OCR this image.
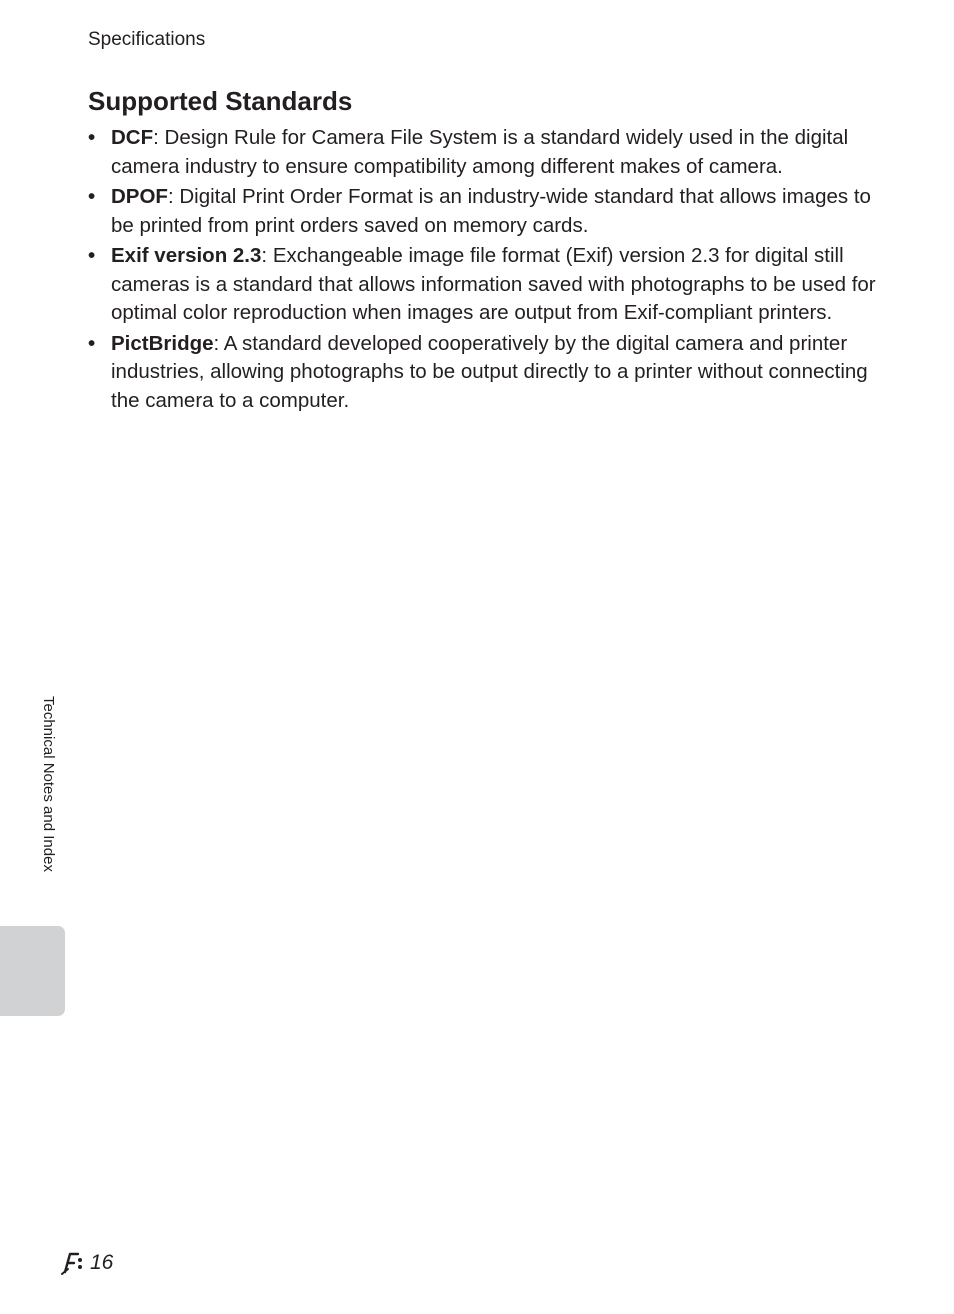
Specifications
Supported Standards
• DCF: Design Rule for Camera File System is a standard widely used in the digital camera industry to ensure compatibility among different makes of camera.
• DPOF: Digital Print Order Format is an industry-wide standard that allows images to be printed from print orders saved on memory cards.
• Exif version 2.3: Exchangeable image file format (Exif) version 2.3 for digital still cameras is a standard that allows information saved with photographs to be used for optimal color reproduction when images are output from Exif-compliant printers.
• PictBridge: A standard developed cooperatively by the digital camera and printer industries, allowing photographs to be output directly to a printer without connecting the camera to a computer.
Technical Notes and Index
16
